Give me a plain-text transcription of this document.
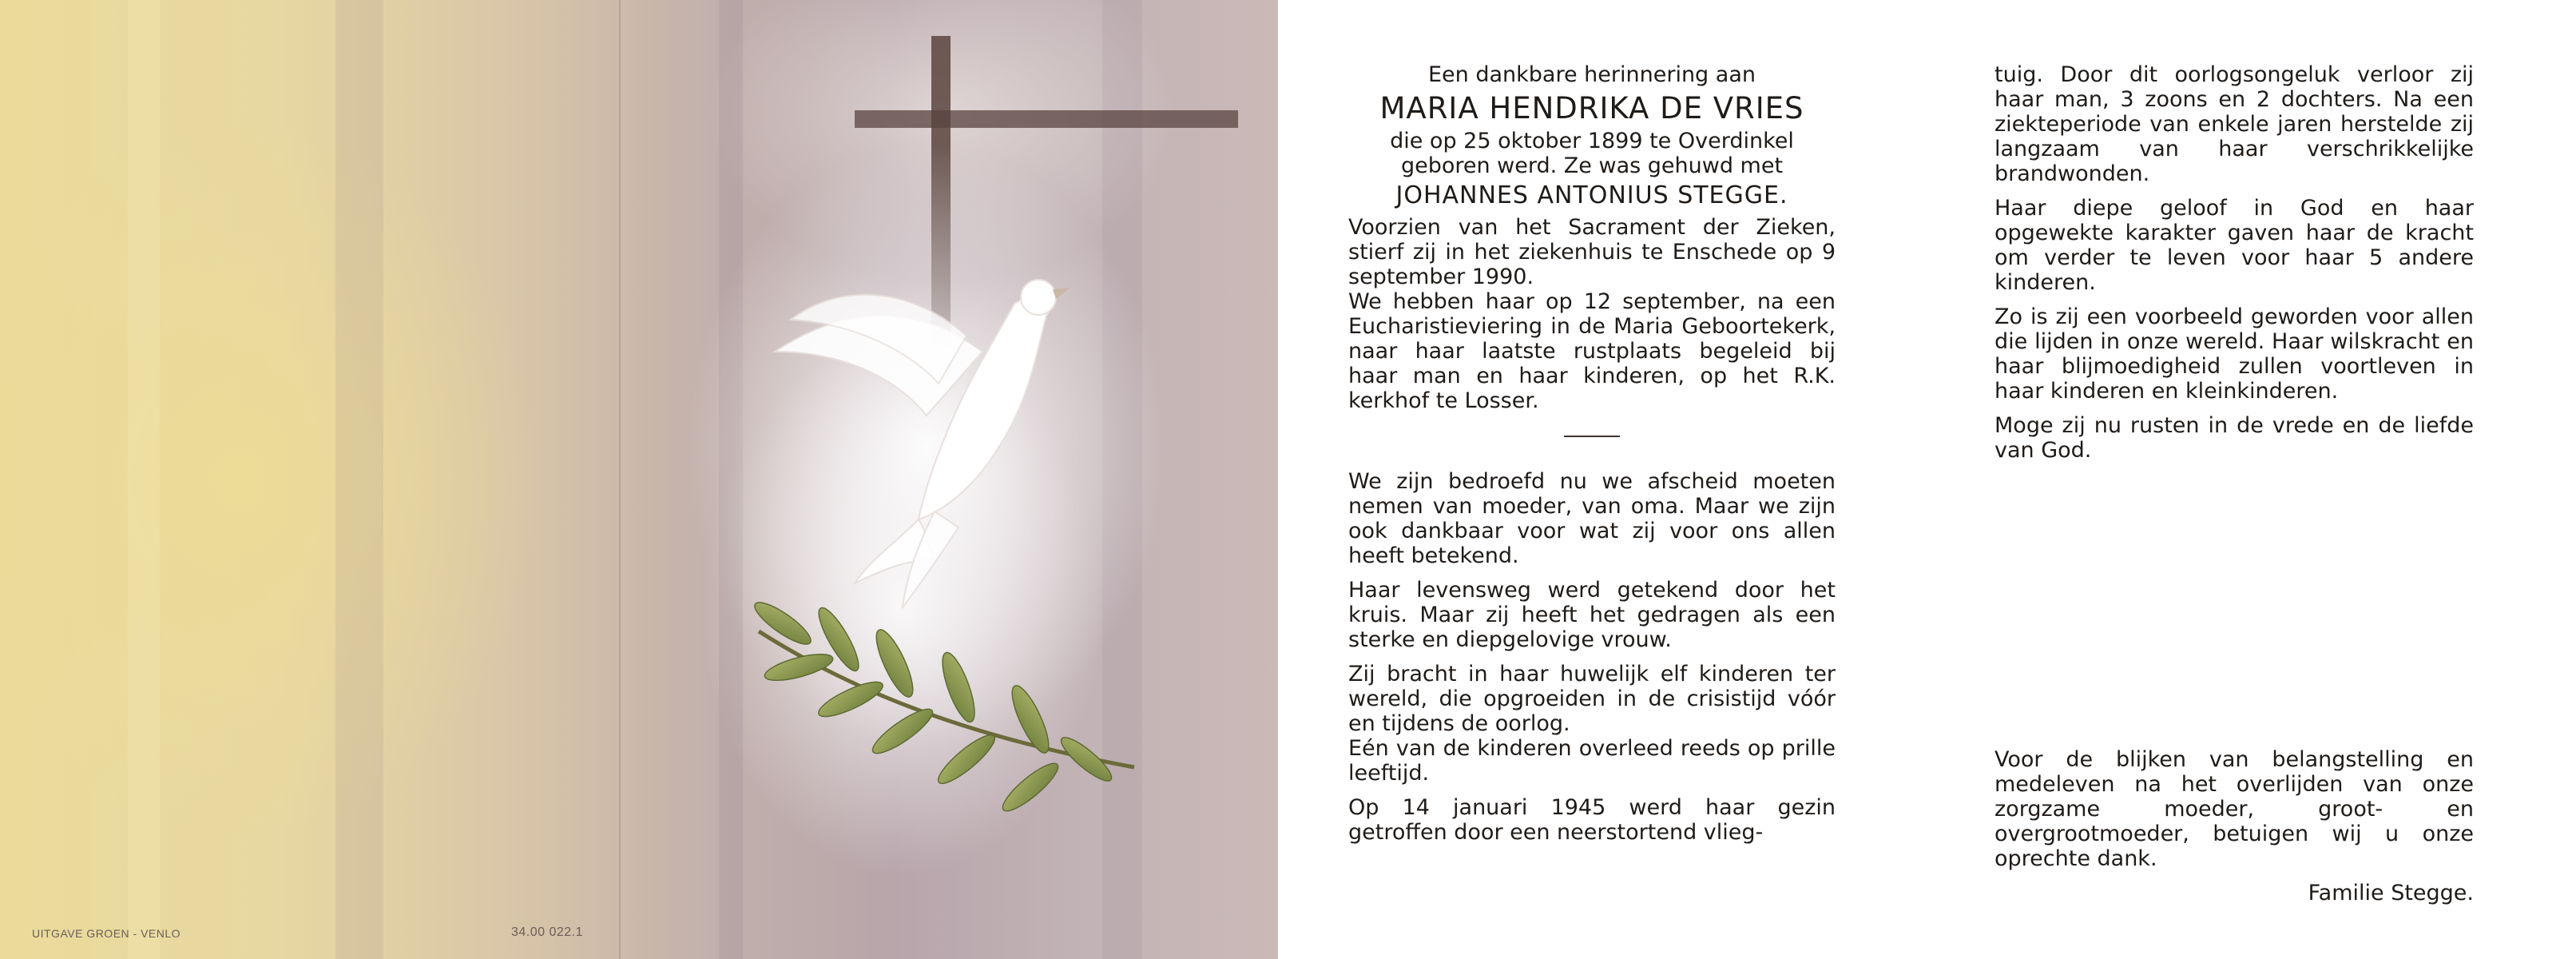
UITGAVE GROEN - VENLO	34.00 022.1

Een dankbare herinnering aan

MARIA HENDRIKA DE VRIES

die op 25 oktober 1899 te Overdinkel

geboren werd. Ze was gehuwd met

JOHANNES ANTONIUS STEGGE.

Voorzien van het Sacrament der Zieken, stierf zij in het ziekenhuis te Enschede op 9 september 1990.

We hebben haar op 12 september, na een Eucharistieviering in de Maria Geboortekerk, naar haar laatste rustplaats begeleid bij haar man en haar kinderen, op het R.K. kerkhof te Losser.

We zijn bedroefd nu we afscheid moeten nemen van moeder, van oma. Maar we zijn ook dankbaar voor wat zij voor ons allen heeft betekend.

Haar levensweg werd getekend door het kruis. Maar zij heeft het gedragen als een sterke en diepgelovige vrouw.

Zij bracht in haar huwelijk elf kinderen ter wereld, die opgroeiden in de crisistijd vóór en tijdens de oorlog.

Eén van de kinderen overleed reeds op prille leeftijd.

Op 14 januari 1945 werd haar gezin getroffen door een neerstortend vlieg-

tuig. Door dit oorlogsongeluk verloor zij haar man, 3 zoons en 2 dochters. Na een ziekteperiode van enkele jaren herstelde zij langzaam van haar verschrikkelijke brandwonden.

Haar diepe geloof in God en haar opgewekte karakter gaven haar de kracht om verder te leven voor haar 5 andere kinderen.

Zo is zij een voorbeeld geworden voor allen die lijden in onze wereld. Haar wilskracht en haar blijmoedigheid zullen voortleven in haar kinderen en kleinkinderen.

Moge zij nu rusten in de vrede en de liefde van God.

Voor de blijken van belangstelling en medeleven na het overlijden van onze zorgzame moeder, groot- en overgrootmoeder, betuigen wij u onze oprechte dank.

Familie Stegge.
